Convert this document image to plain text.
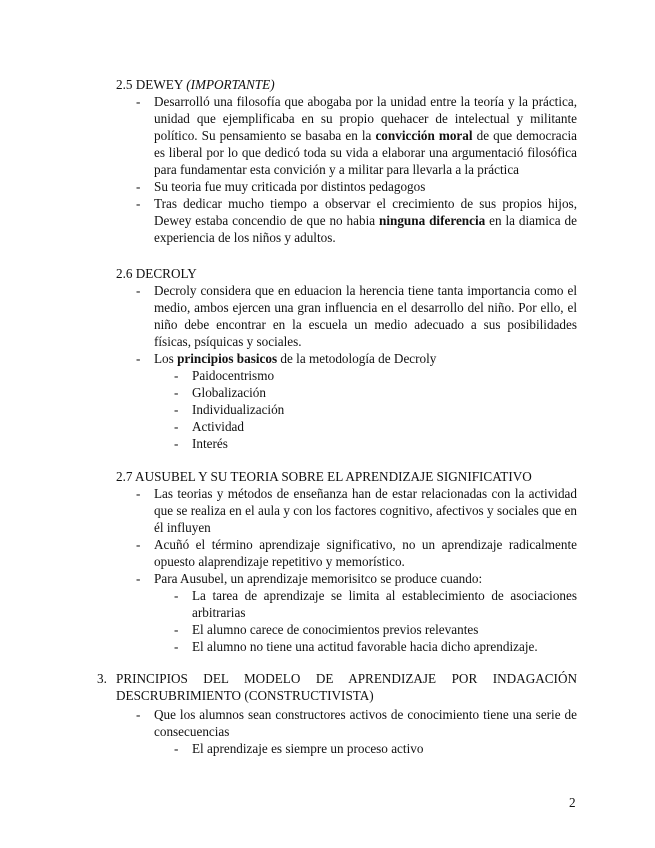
2.5 DEWEY (IMPORTANTE)

- Desarrolló una filosofía que abogaba por la unidad entre la teoría y la práctica, unidad que ejemplificaba en su propio quehacer de intelectual y militante político. Su pensamiento se basaba en la convicción moral de que democracia es liberal por lo que dedicó toda su vida a elaborar una argumentació filosófica para fundamentar esta convición y a militar para llevarla a la práctica

- Su teoria fue muy criticada por distintos pedagogos

- Tras dedicar mucho tiempo a observar el crecimiento de sus propios hijos, Dewey estaba concendio de que no habia ninguna diferencia en la diamica de experiencia de los niños y adultos.

2.6 DECROLY

- Decroly considera que en eduacion la herencia tiene tanta importancia como el medio, ambos ejercen una gran influencia en el desarrollo del niño. Por ello, el niño debe encontrar en la escuela un medio adecuado a sus posibilidades físicas, psíquicas y sociales.

- Los principios basicos de la metodología de Decroly

- Paidocentrismo

- Globalización

- Individualización

- Actividad

- Interés

2.7 AUSUBEL Y SU TEORIA SOBRE EL APRENDIZAJE SIGNIFICATIVO

- Las teorias y métodos de enseñanza han de estar relacionadas con la actividad que se realiza en el aula y con los factores cognitivo, afectivos y sociales que en él influyen

- Acuñó el término aprendizaje significativo, no un aprendizaje radicalmente opuesto alaprendizaje repetitivo y memorístico.

- Para Ausubel, un aprendizaje memorisitco se produce cuando:

- La tarea de aprendizaje se limita al establecimiento de asociaciones arbitrarias

- El alumno carece de conocimientos previos relevantes

- El alumno no tiene una actitud favorable hacia dicho aprendizaje.

3. PRINCIPIOS DEL MODELO DE APRENDIZAJE POR INDAGACIÓN DESCRUBRIMIENTO (CONSTRUCTIVISTA)

- Que los alumnos sean constructores activos de conocimiento tiene una serie de consecuencias

- El aprendizaje es siempre un proceso activo

2
